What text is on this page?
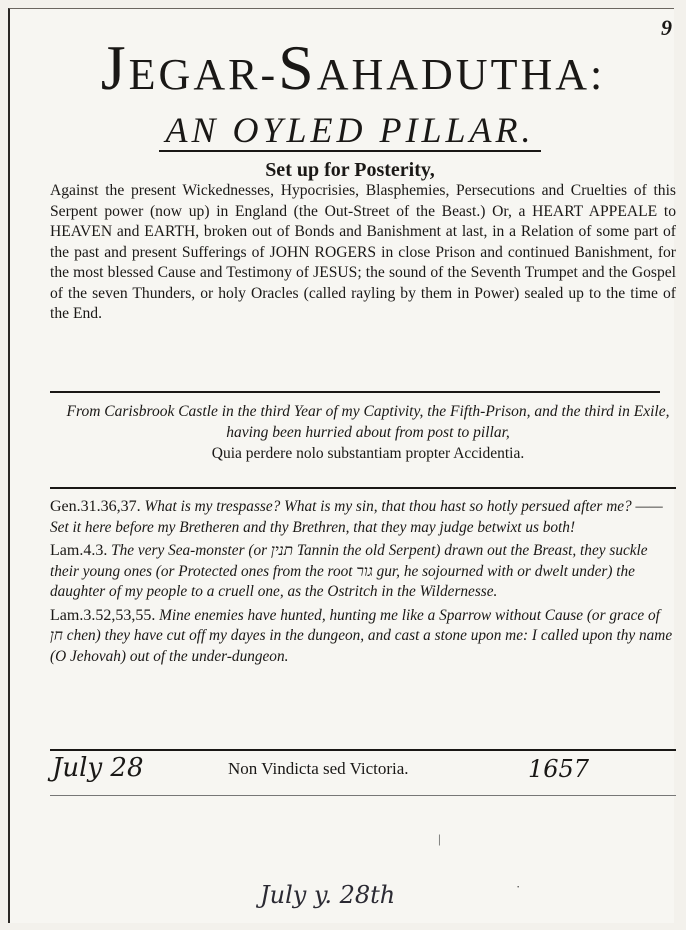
9
JEGAR-SAHADUTHA:
AN OYLED PILLAR.
Set up for Posterity,
Against the present Wickednesses, Hypocrisies, Blasphemies, Persecutions and Cruelties of this Serpent power (now up) in England (the Out-Street of the Beast.) Or, a HEART APPEALE to HEAVEN and EARTH, broken out of Bonds and Banishment at last, in a Relation of some part of the past and present Sufferings of JOHN ROGERS in close Prison and continued Banishment, for the most blessed Cause and Testimony of JESUS; the sound of the Seventh Trumpet and the Gospel of the seven Thunders, or holy Oracles (called rayling by them in Power) sealed up to the time of the End.
From Carisbrook Castle in the third Year of my Captivity, the Fifth-Prison, and the third in Exile, having been hurried about from post to pillar,
Quia perdere nolo substantiam propter Accidentia.

Gen.31.36,37. What is my trespasse? What is my sin, that thou hast so hotly persued after me? ——Set it here before my Bretheren and thy Brethren, that they may judge betwixt us both!

Lam.4.3. The very Sea-monster (or תנין Tannin the old Serpent) drawn out the Breast, they suckle their young ones (or Protected ones from the root גור gur, he sojourned with or dwelt under) the daughter of my people to a cruell one, as the Ostritch in the Wildernesse.

Lam.3.52,53,55. Mine enemies have hunted, hunting me like a Sparrow without Cause (or grace of חן chen) they have cut off my dayes in the dungeon, and cast a stone upon me: I called upon thy name (O Jehovah) out of the under-dungeon.

July 28	Non Vindicta sed Victoria.	1657
|
·
July y. 28th
